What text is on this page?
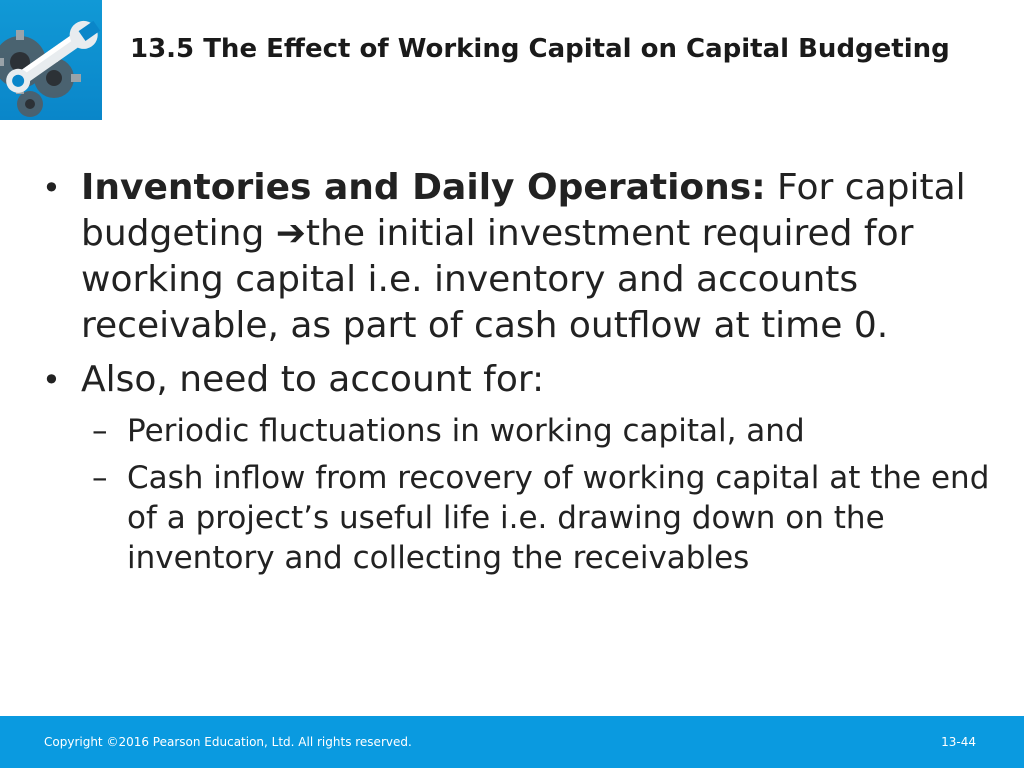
13.5 The Effect of Working Capital on Capital Budgeting

• Inventories and Daily Operations: For capital budgeting ➔the initial investment required for working capital i.e. inventory and accounts receivable, as part of cash outflow at time 0.

• Also, need to account for:

– Periodic fluctuations in working capital, and

– Cash inflow from recovery of working capital at the end of a project’s useful life i.e. drawing down on the inventory and collecting the receivables

Copyright ©2016 Pearson Education, Ltd. All rights reserved.	13-44
